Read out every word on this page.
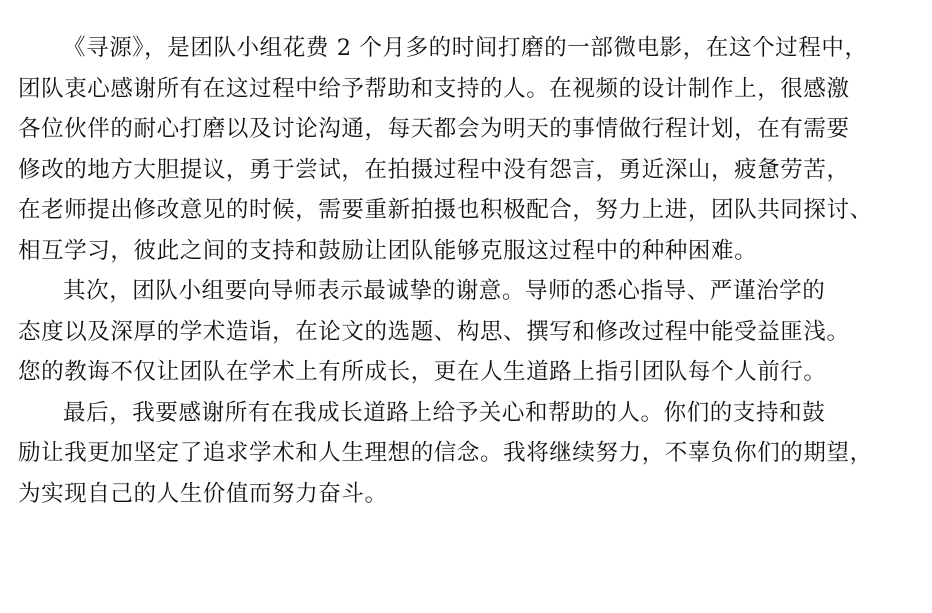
《寻源》，是团队小组花费 2 个月多的时间打磨的一部微电影，在这个过程中，
团队衷心感谢所有在这过程中给予帮助和支持的人。在视频的设计制作上，很感激
各位伙伴的耐心打磨以及讨论沟通，每天都会为明天的事情做行程计划，在有需要
修改的地方大胆提议，勇于尝试，在拍摄过程中没有怨言，勇近深山，疲惫劳苦，
在老师提出修改意见的时候，需要重新拍摄也积极配合，努力上进，团队共同探讨、
相互学习，彼此之间的支持和鼓励让团队能够克服这过程中的种种困难。
其次，团队小组要向导师表示最诚挚的谢意。导师的悉心指导、严谨治学的
态度以及深厚的学术造诣，在论文的选题、构思、撰写和修改过程中能受益匪浅。
您的教诲不仅让团队在学术上有所成长，更在人生道路上指引团队每个人前行。
最后，我要感谢所有在我成长道路上给予关心和帮助的人。你们的支持和鼓
励让我更加坚定了追求学术和人生理想的信念。我将继续努力，不辜负你们的期望，
为实现自己的人生价值而努力奋斗。
